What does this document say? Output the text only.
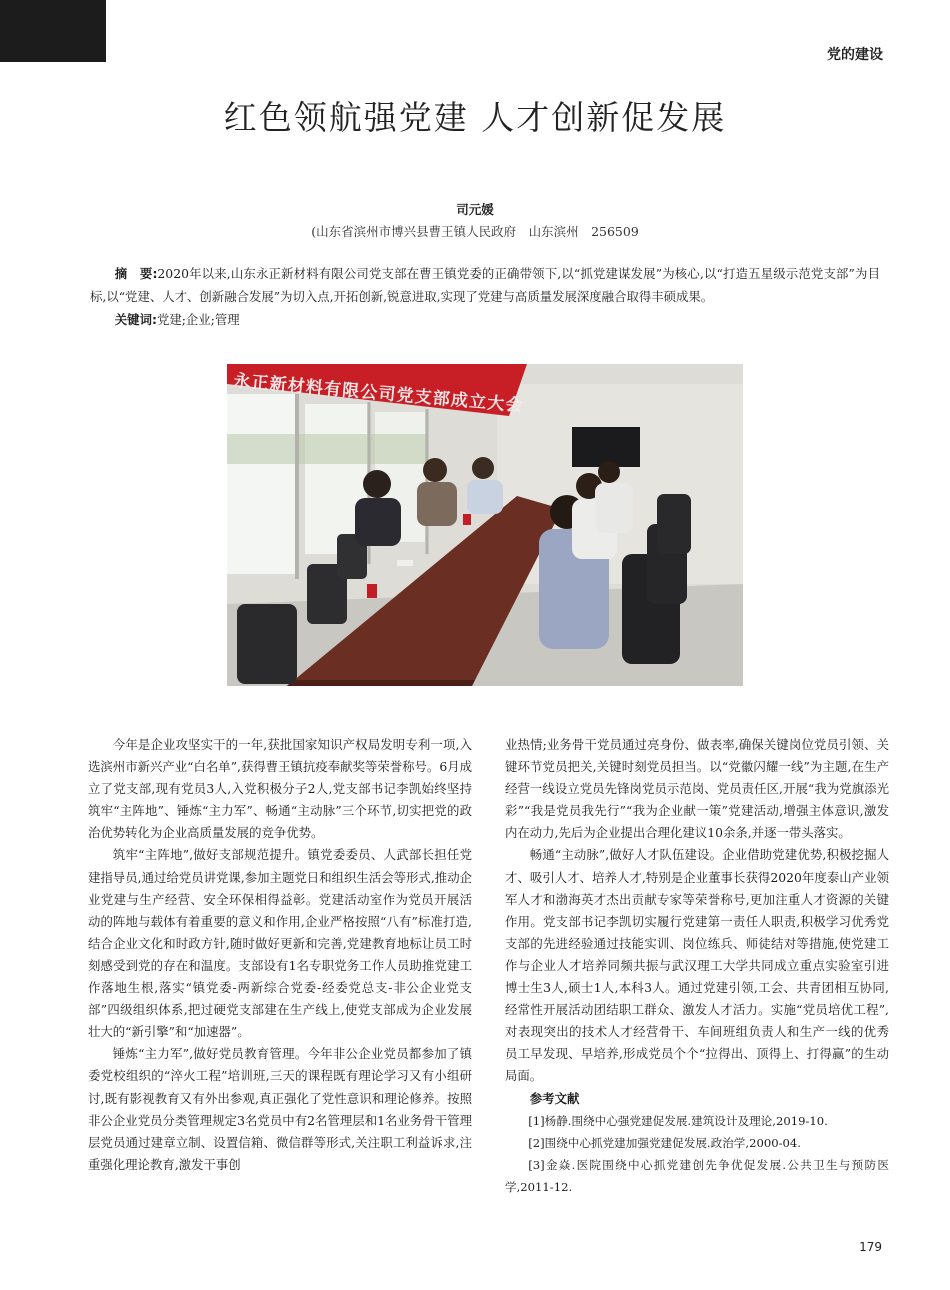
党的建设
红色领航强党建 人才创新促发展
司元媛
(山东省滨州市博兴县曹王镇人民政府　山东滨州　256509

摘　要:2020年以来,山东永正新材料有限公司党支部在曹王镇党委的正确带领下,以“抓党建谋发展”为核心,以“打造五星级示范党支部”为目标,以“党建、人才、创新融合发展”为切入点,开拓创新,锐意进取,实现了党建与高质量发展深度融合取得丰硕成果。

关键词:党建;企业;管理

永正新材料有限公司党支部成立大会

今年是企业攻坚实干的一年,获批国家知识产权局发明专利一项,入选滨州市新兴产业“白名单”,获得曹王镇抗疫奉献奖等荣誉称号。6月成立了党支部,现有党员3人,入党积极分子2人,党支部书记李凯始终坚持筑牢“主阵地”、锤炼“主力军”、畅通“主动脉”三个环节,切实把党的政治优势转化为企业高质量发展的竞争优势。

筑牢“主阵地”,做好支部规范提升。镇党委委员、人武部长担任党建指导员,通过给党员讲党课,参加主题党日和组织生活会等形式,推动企业党建与生产经营、安全环保相得益彰。党建活动室作为党员开展活动的阵地与载体有着重要的意义和作用,企业严格按照“八有”标准打造,结合企业文化和时政方针,随时做好更新和完善,党建教育地标让员工时刻感受到党的存在和温度。支部设有1名专职党务工作人员助推党建工作落地生根,落实“镇党委-两新综合党委-经委党总支-非公企业党支部”四级组织体系,把过硬党支部建在生产线上,使党支部成为企业发展壮大的“新引擎”和“加速器”。

锤炼“主力军”,做好党员教育管理。今年非公企业党员都参加了镇委党校组织的“淬火工程”培训班,三天的课程既有理论学习又有小组研讨,既有影视教育又有外出参观,真正强化了党性意识和理论修养。按照非公企业党员分类管理规定3名党员中有2名管理层和1名业务骨干管理层党员通过建章立制、设置信箱、微信群等形式,关注职工利益诉求,注重强化理论教育,激发干事创

业热情;业务骨干党员通过亮身份、做表率,确保关键岗位党员引领、关键环节党员把关,关键时刻党员担当。以“党徽闪耀一线”为主题,在生产经营一线设立党员先锋岗党员示范岗、党员责任区,开展“我为党旗添光彩”“我是党员我先行”“我为企业献一策”党建活动,增强主体意识,激发内在动力,先后为企业提出合理化建议10余条,并逐一带头落实。

畅通“主动脉”,做好人才队伍建设。企业借助党建优势,积极挖掘人才、吸引人才、培养人才,特别是企业董事长获得2020年度泰山产业领军人才和渤海英才杰出贡献专家等荣誉称号,更加注重人才资源的关键作用。党支部书记李凯切实履行党建第一责任人职责,积极学习优秀党支部的先进经验通过技能实训、岗位练兵、师徒结对等措施,使党建工作与企业人才培养同频共振与武汉理工大学共同成立重点实验室引进博士生3人,硕士1人,本科3人。通过党建引领,工会、共青团相互协同,经常性开展活动团结职工群众、激发人才活力。实施“党员培优工程”,对表现突出的技术人才经营骨干、车间班组负责人和生产一线的优秀员工早发现、早培养,形成党员个个“拉得出、顶得上、打得赢”的生动局面。

参考文献

[1]杨静.围绕中心强党建促发展.建筑设计及理论,2019-10.

[2]围绕中心抓党建加强党建促发展.政治学,2000-04.

[3]金焱.医院围绕中心抓党建创先争优促发展.公共卫生与预防医学,2011-12.

179
